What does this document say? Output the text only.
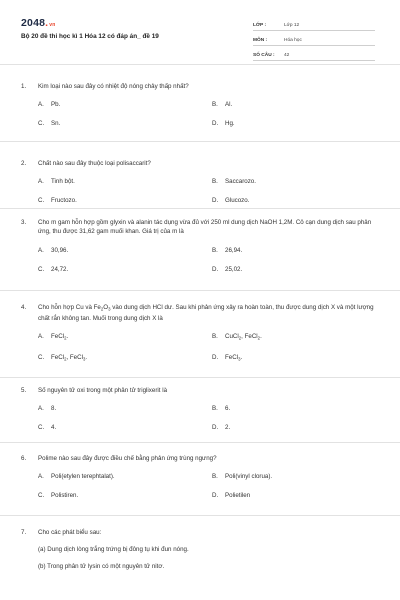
2048.vn
Bộ 20 đề thi học kì 1 Hóa 12 có đáp án_ đề 19
LỚP :	Lớp 12
MÔN :	Hóa học
SỐ CÂU :	42
1.	Kim loại nào sau đây có nhiệt độ nóng chảy thấp nhất?
A.	Pb.	B.	Al.
C.	Sn.	D.	Hg.
2.	Chất nào sau đây thuộc loại polisaccarit?
A.	Tinh bột.	B.	Saccarozo.
C.	Fructozo.	D.	Glucozo.
3.	Cho m gam hỗn hợp gồm glyxin và alanin tác dụng vừa đủ với 250 ml dung dịch NaOH 1,2M. Cô cạn dung dịch sau phản ứng, thu được 31,62 gam muối khan. Giá trị của m là
A.	30,96.	B.	26,94.
C.	24,72.	D.	25,02.
4.	Cho hỗn hợp Cu và $Fe_2O_3$ vào dung dịch HCl dư. Sau khi phản ứng xảy ra hoàn toàn, thu được dung dịch X và một lượng chất rắn không tan. Muối trong dung dịch X là
A.	FeCl$_2$.	B.	CuCl$_2$, FeCl$_2$.
C.	FeCl$_2$, FeCl$_3$.	D.	FeCl$_3$.
5.	Số nguyên tử oxi trong một phân tử triglixerit là
A.	8.	B.	6.
C.	4.	D.	2.
6.	Polime nào sau đây được điều chế bằng phản ứng trùng ngưng?
A.	Poli(etylen terephtalat).	B.	Poli(vinyl clorua).
C.	Polistiren.	D.	Polietilen
7.	Cho các phát biểu sau:
(a) Dung dịch lòng trắng trứng bị đông tụ khi đun nóng.
(b) Trong phân tử lysin có một nguyên tử nitơ.
